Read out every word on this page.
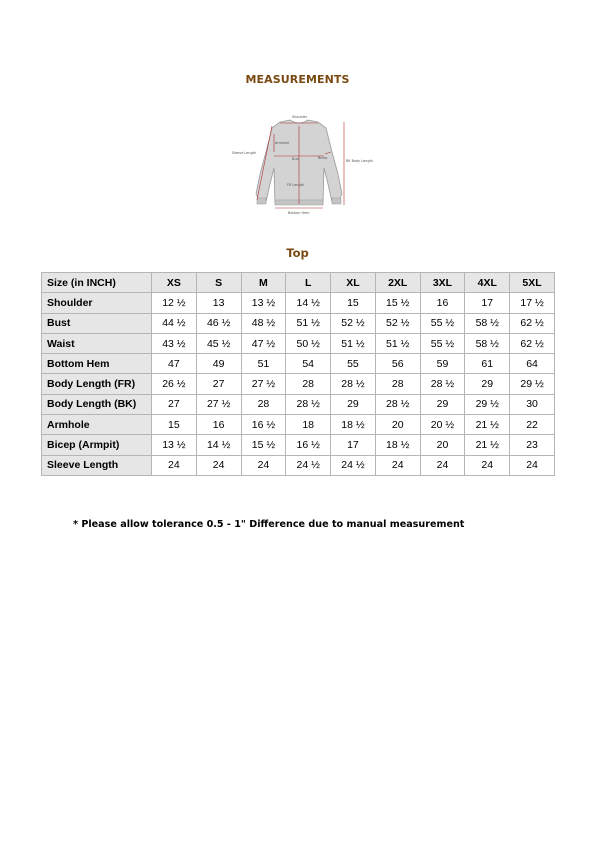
MEASUREMENTS
Shoulder
Sleeve Length
Armhole
Bust	Bicep
BK Body Length
FR Length
Bottom Hem
Top
Size (in INCH)	XS	S	M	L	XL	2XL	3XL	4XL	5XL
Shoulder	12 ½	13	13 ½	14 ½	15	15 ½	16	17	17 ½
Bust	44 ½	46 ½	48 ½	51 ½	52 ½	52 ½	55 ½	58 ½	62 ½
Waist	43 ½	45 ½	47 ½	50 ½	51 ½	51 ½	55 ½	58 ½	62 ½
Bottom Hem	47	49	51	54	55	56	59	61	64
Body Length (FR)	26 ½	27	27 ½	28	28 ½	28	28 ½	29	29 ½
Body Length (BK)	27	27 ½	28	28 ½	29	28 ½	29	29 ½	30
Armhole	15	16	16 ½	18	18 ½	20	20 ½	21 ½	22
Bicep (Armpit)	13 ½	14 ½	15 ½	16 ½	17	18 ½	20	21 ½	23
Sleeve Length	24	24	24	24 ½	24 ½	24	24	24	24
* Please allow tolerance 0.5 - 1" Difference due to manual measurement
